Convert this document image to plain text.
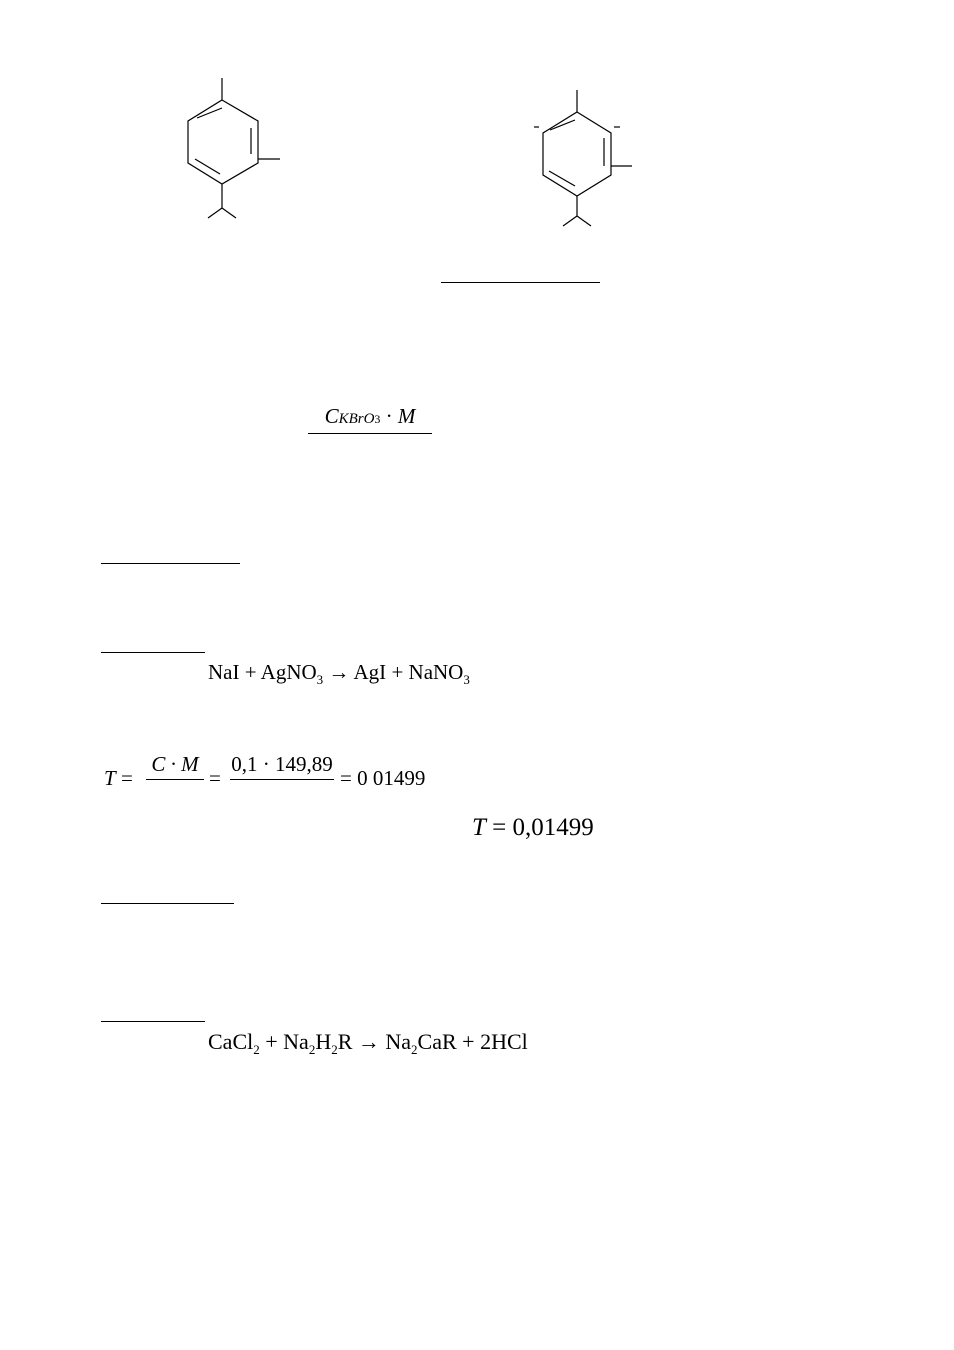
CKBrO3 · M
NaI + AgNO$_3$ → AgI + NaNO$_3$
T =
C · M
=
0,1 · 149,89
= 0 01499
T = 0,01499
CaCl$_2$ + $Na_2H_2R \to Na_2CaR + 2HCl$
